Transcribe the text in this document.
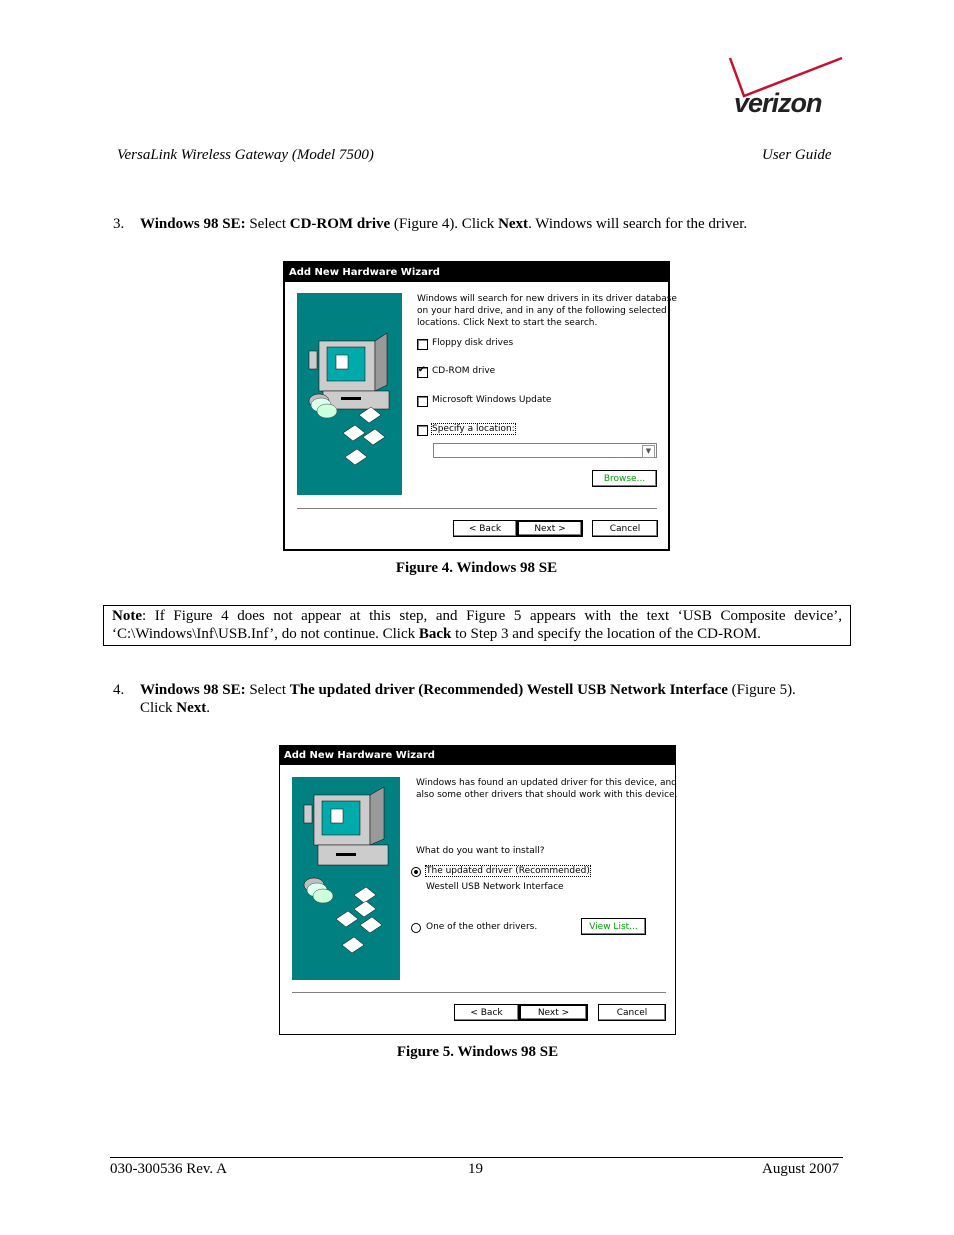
verizon
VersaLink Wireless Gateway (Model 7500)	User Guide
3. Windows 98 SE: Select CD-ROM drive (Figure 4). Click Next. Windows will search for the driver.
Add New Hardware Wizard
Windows will search for new drivers in its driver database
on your hard drive, and in any of the following selected
locations. Click Next to start the search.
Floppy disk drives
✔
CD-ROM drive
Microsoft Windows Update
Specify a location:
▼
Browse...
< Back	Next >	Cancel
Figure 4. Windows 98 SE
Note: If Figure 4 does not appear at this step, and Figure 5 appears with the text ‘USB Composite device’,
‘C:\Windows\Inf\USB.Inf’, do not continue. Click Back to Step 3 and specify the location of the CD-ROM.
4. Windows 98 SE: Select The updated driver (Recommended) Westell USB Network Interface (Figure 5).
Click Next.
Add New Hardware Wizard
Windows has found an updated driver for this device, and
also some other drivers that should work with this device.
What do you want to install?
The updated driver (Recommended)
Westell USB Network Interface
One of the other drivers.	View List...
< Back	Next >	Cancel
Figure 5. Windows 98 SE
030-300536 Rev. A	19	August 2007
